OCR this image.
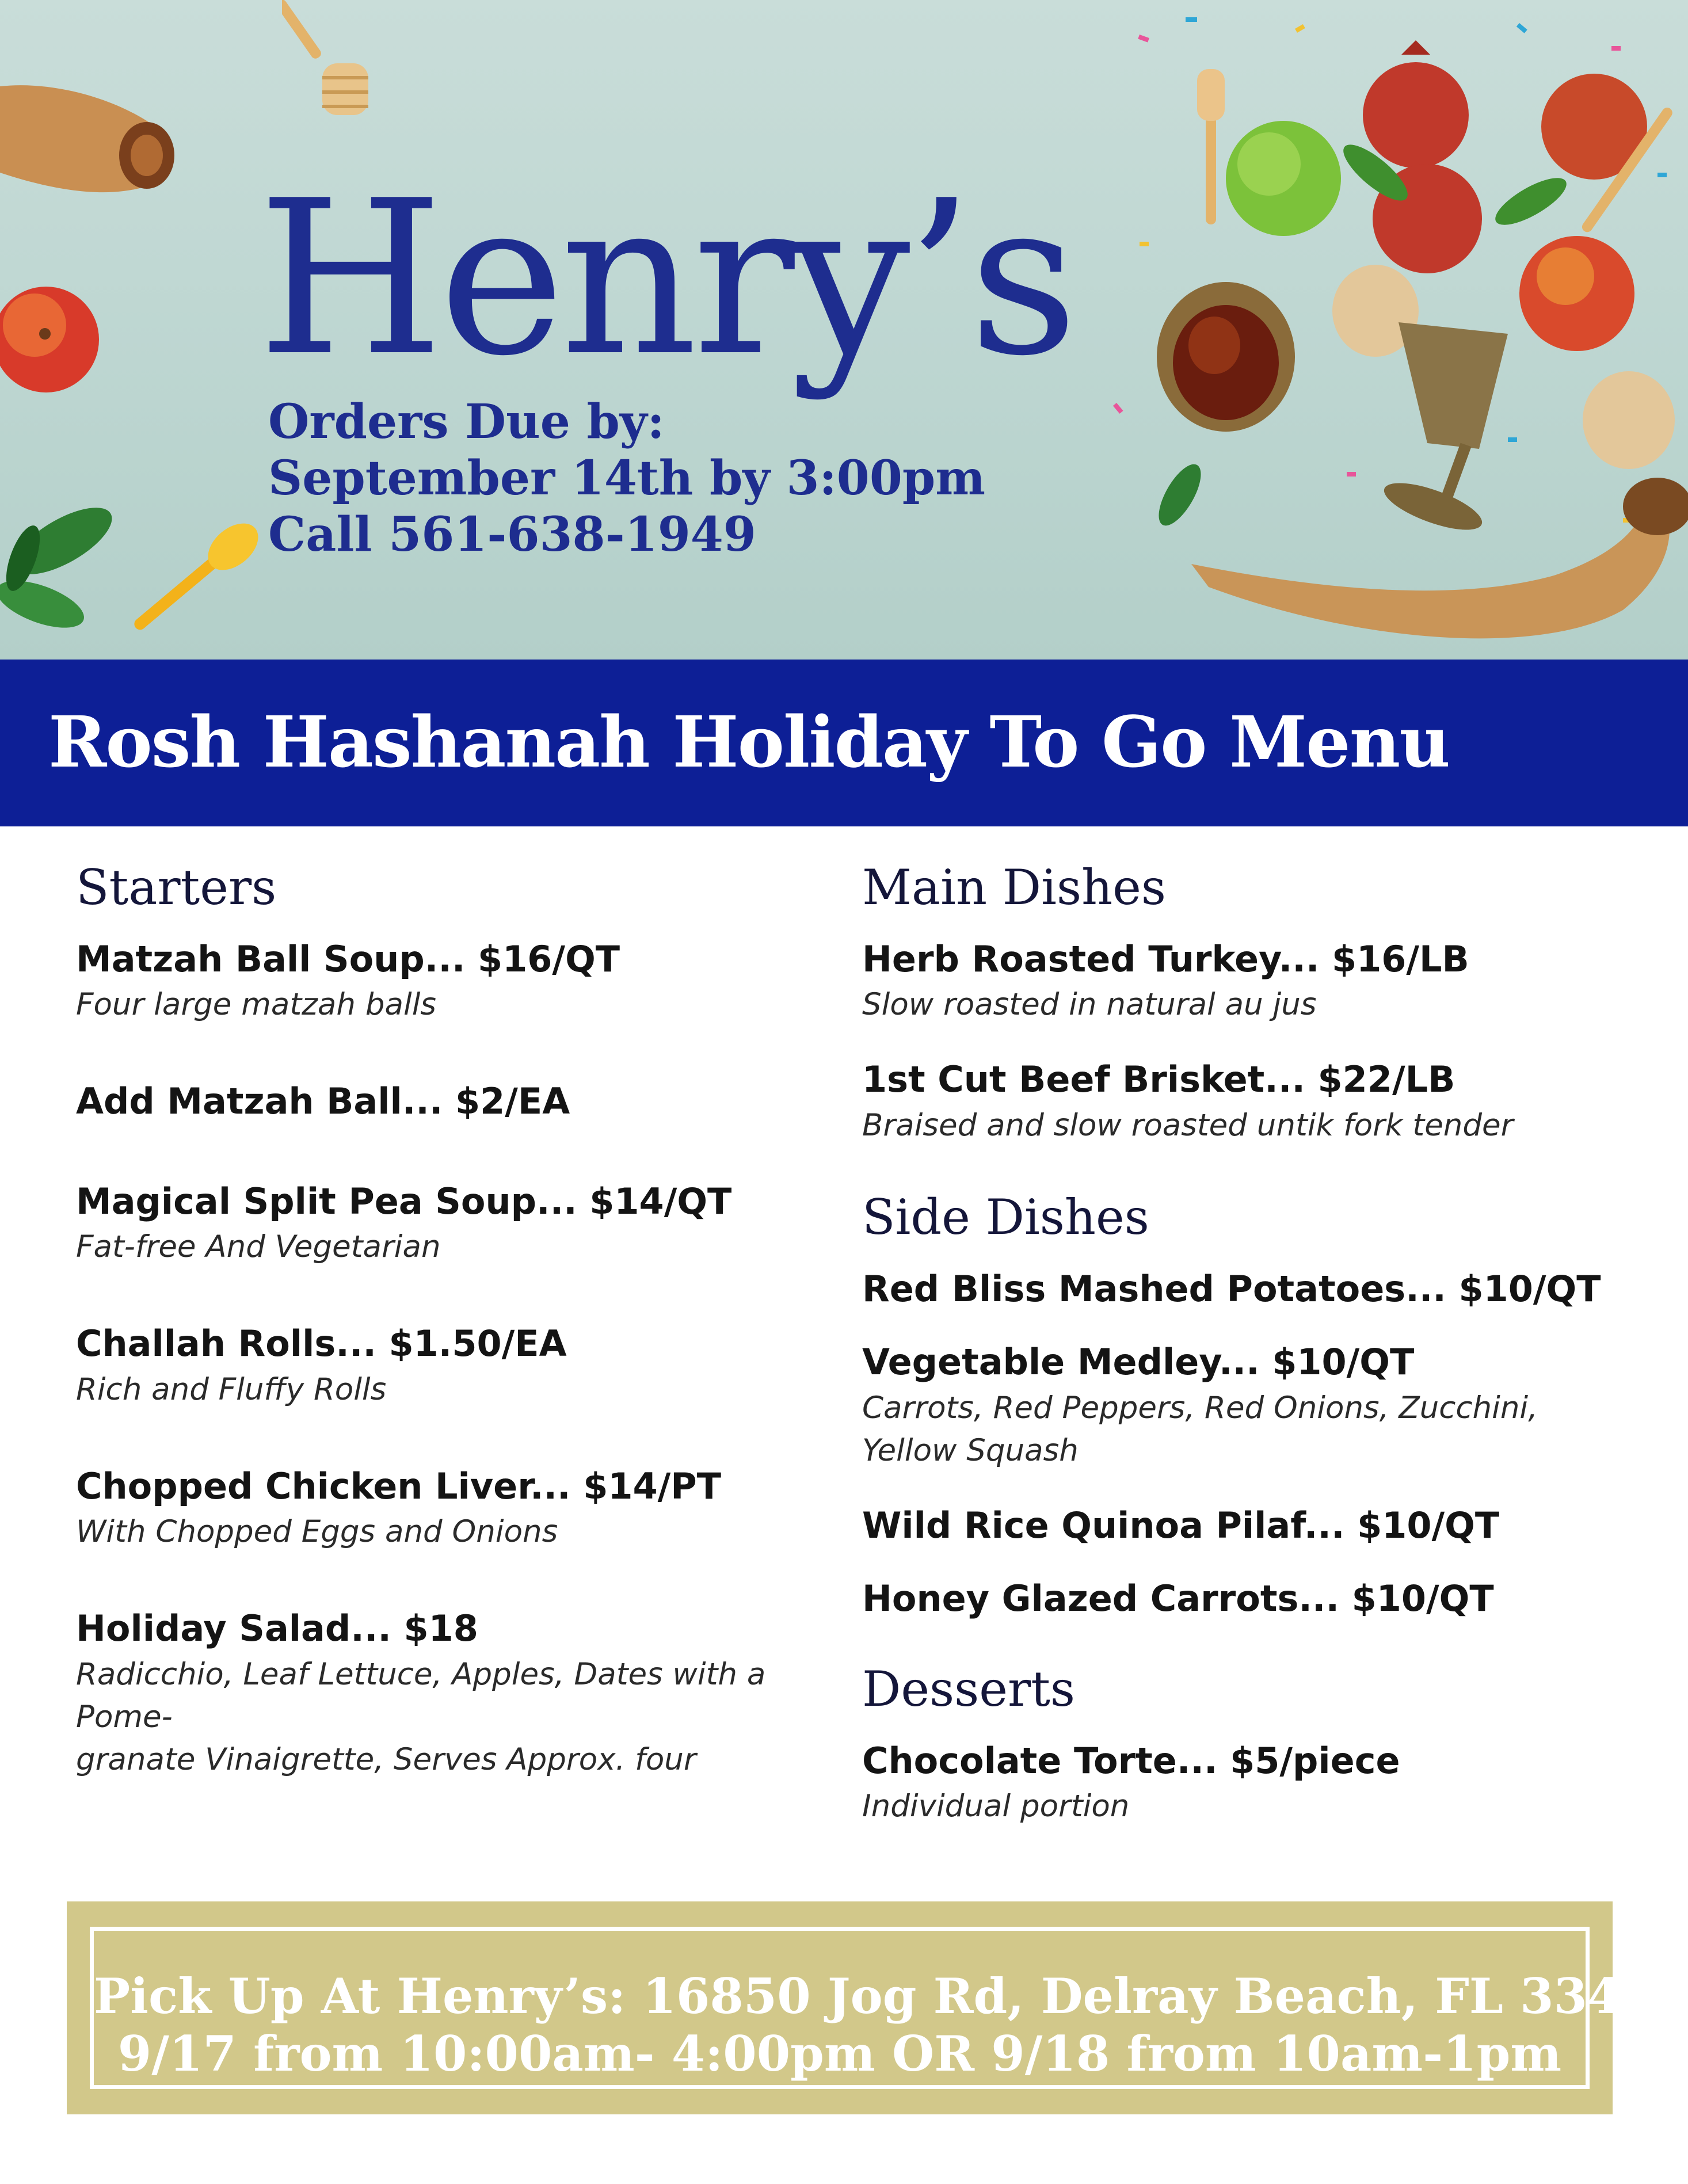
Henry’s
Orders Due by:
September 14th by 3:00pm
Call 561-638-1949
Rosh Hashanah Holiday To Go Menu
Starters
Matzah Ball Soup... $16/QT
Four large matzah balls
Add Matzah Ball... $2/EA
Magical Split Pea Soup... $14/QT
Fat-free And Vegetarian
Challah Rolls... $1.50/EA
Rich and Fluffy Rolls
Chopped Chicken Liver... $14/PT
With Chopped Eggs and Onions
Holiday Salad... $18
Radicchio, Leaf Lettuce, Apples, Dates with a Pome-
granate Vinaigrette, Serves Approx. four
Main Dishes
Herb Roasted Turkey... $16/LB
Slow roasted in natural au jus
1st Cut Beef Brisket... $22/LB
Braised and slow roasted untik fork tender
Side Dishes
Red Bliss Mashed Potatoes... $10/QT
Vegetable Medley... $10/QT
Carrots, Red Peppers, Red Onions, Zucchini,
Yellow Squash
Wild Rice Quinoa Pilaf... $10/QT
Honey Glazed Carrots... $10/QT
Desserts
Chocolate Torte... $5/piece
Individual portion
Pick Up At Henry’s: 16850 Jog Rd, Delray Beach, FL 33446
9/17 from 10:00am- 4:00pm OR 9/18 from 10am-1pm
